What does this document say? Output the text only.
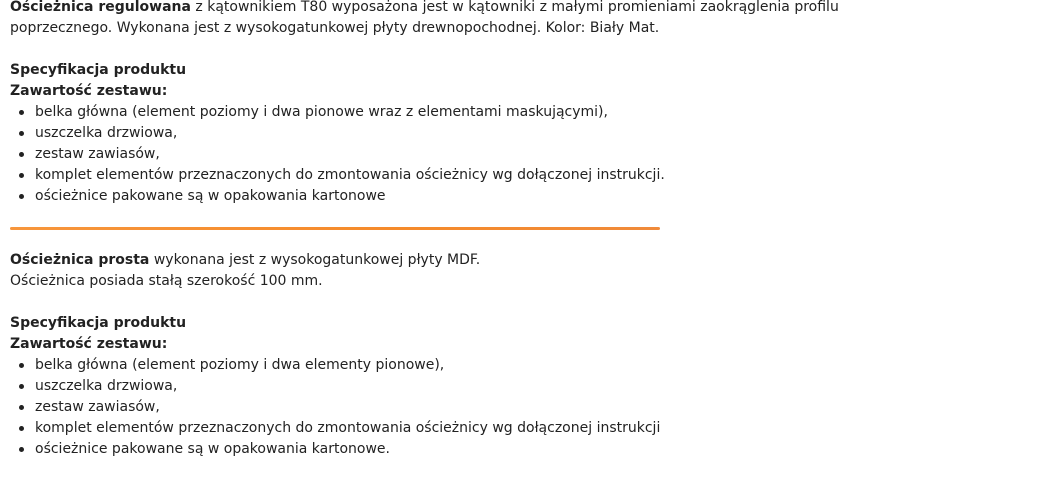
Ościeżnica regulowana z kątownikiem T80 wyposażona jest w kątowniki z małymi promieniami zaokrąglenia profilu poprzecznego. Wykonana jest z wysokogatunkowej płyty drewnopochodnej. Kolor: Biały Mat.

Specyfikacja produktu

Zawartość zestawu:

belka główna (element poziomy i dwa pionowe wraz z elementami maskującymi),
uszczelka drzwiowa,
zestaw zawiasów,
komplet elementów przeznaczonych do zmontowania ościeżnicy wg dołączonej instrukcji.
ościeżnice pakowane są w opakowania kartonowe

Ościeżnica prosta wykonana jest z wysokogatunkowej płyty MDF.

Ościeżnica posiada stałą szerokość 100 mm.

Specyfikacja produktu

Zawartość zestawu:

belka główna (element poziomy i dwa elementy pionowe),
uszczelka drzwiowa,
zestaw zawiasów,
komplet elementów przeznaczonych do zmontowania ościeżnicy wg dołączonej instrukcji
ościeżnice pakowane są w opakowania kartonowe.
